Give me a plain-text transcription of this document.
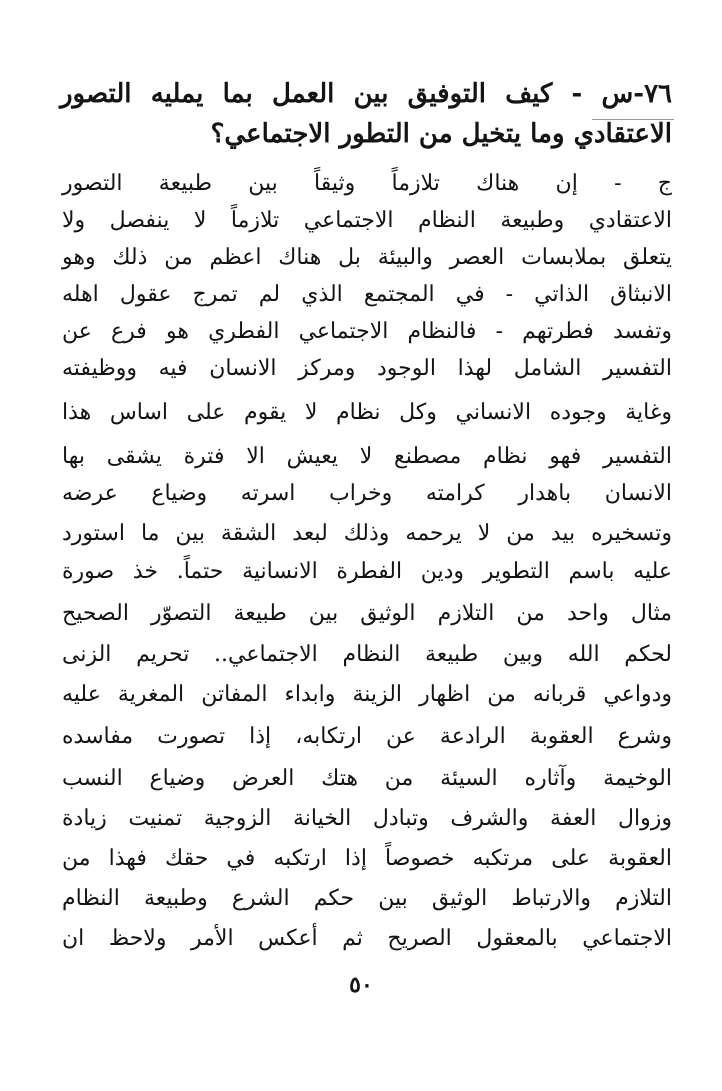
٧٦-س - كيف التوفيق بين العمل بما يمليه التصور
الاعتقادي وما يتخيل من التطور الاجتماعي؟
ج - إن هناك تلازماً وثيقاً بين طبيعة التصور
الاعتقادي وطبيعة النظام الاجتماعي تلازماً لا ينفصل ولا
يتعلق بملابسات العصر والبيئة بل هناك اعظم من ذلك وهو
الانبثاق الذاتي - في المجتمع الذي لم تمرج عقول اهله
وتفسد فطرتهم - فالنظام الاجتماعي الفطري هو فرع عن
التفسير الشامل لهذا الوجود ومركز الانسان فيه ووظيفته
وغاية وجوده الانساني وكل نظام لا يقوم على اساس هذا
التفسير فهو نظام مصطنع لا يعيش الا فترة يشقى بها
الانسان باهدار كرامته وخراب اسرته وضياع عرضه
وتسخيره بيد من لا يرحمه وذلك لبعد الشقة بين ما استورد
عليه باسم التطوير ودين الفطرة الانسانية حتماً. خذ صورة
مثال واحد من التلازم الوثيق بين طبيعة التصوّر الصحيح
لحكم الله وبين طبيعة النظام الاجتماعي.. تحريم الزنى
ودواعي قربانه من اظهار الزينة وابداء المفاتن المغرية عليه
وشرع العقوبة الرادعة عن ارتكابه، إذا تصورت مفاسده
الوخيمة وآثاره السيئة من هتك العرض وضياع النسب
وزوال العفة والشرف وتبادل الخيانة الزوجية تمنيت زيادة
العقوبة على مرتكبه خصوصاً إذا ارتكبه في حقك فهذا من
التلازم والارتباط الوثيق بين حكم الشرع وطبيعة النظام
الاجتماعي بالمعقول الصريح ثم أعكس الأمر ولاحظ ان
٥٠
